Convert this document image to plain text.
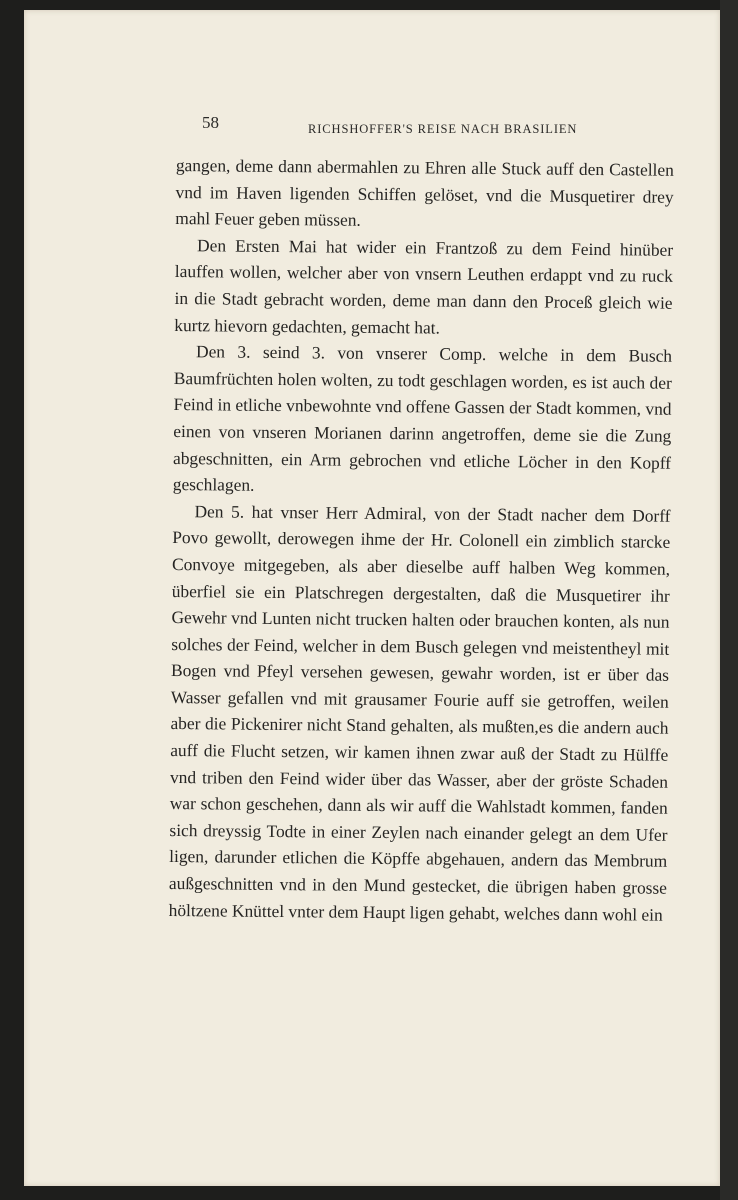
58	RICHSHOFFER'S REISE NACH BRASILIEN

gangen, deme dann abermahlen zu Ehren alle Stuck auff den Castellen vnd im Haven ligenden Schiffen gelöset, vnd die Musquetirer drey mahl Feuer geben müssen.

Den Ersten Mai hat wider ein Frantzoß zu dem Feind hinüber lauffen wollen, welcher aber von vnsern Leuthen erdappt vnd zu ruck in die Stadt gebracht worden, deme man dann den Proceß gleich wie kurtz hievorn gedachten, gemacht hat.

Den 3. seind 3. von vnserer Comp. welche in dem Busch Baumfrüchten holen wolten, zu todt geschlagen worden, es ist auch der Feind in etliche vnbewohnte vnd offene Gassen der Stadt kommen, vnd einen von vnseren Morianen darinn angetroffen, deme sie die Zung abgeschnitten, ein Arm gebrochen vnd etliche Löcher in den Kopff geschlagen.

Den 5. hat vnser Herr Admiral, von der Stadt nacher dem Dorff Povo gewollt, derowegen ihme der Hr. Colonell ein zimblich starcke Convoye mitgegeben, als aber dieselbe auff halben Weg kommen, überfiel sie ein Platschregen dergestalten, daß die Musquetirer ihr Gewehr vnd Lunten nicht trucken halten oder brauchen konten, als nun solches der Feind, welcher in dem Busch gelegen vnd meistentheyl mit Bogen vnd Pfeyl versehen gewesen, gewahr worden, ist er über das Wasser gefallen vnd mit grausamer Fourie auff sie getroffen, weilen aber die Pickenirer nicht Stand gehalten, als mußten,es die andern auch auff die Flucht setzen, wir kamen ihnen zwar auß der Stadt zu Hülffe vnd triben den Feind wider über das Wasser, aber der gröste Schaden war schon geschehen, dann als wir auff die Wahlstadt kommen, fanden sich dreyssig Todte in einer Zeylen nach einander gelegt an dem Ufer ligen, darunder etlichen die Köpffe abgehauen, andern das Membrum außgeschnitten vnd in den Mund gestecket, die übrigen haben grosse höltzene Knüttel vnter dem Haupt ligen gehabt, welches dann wohl ein
